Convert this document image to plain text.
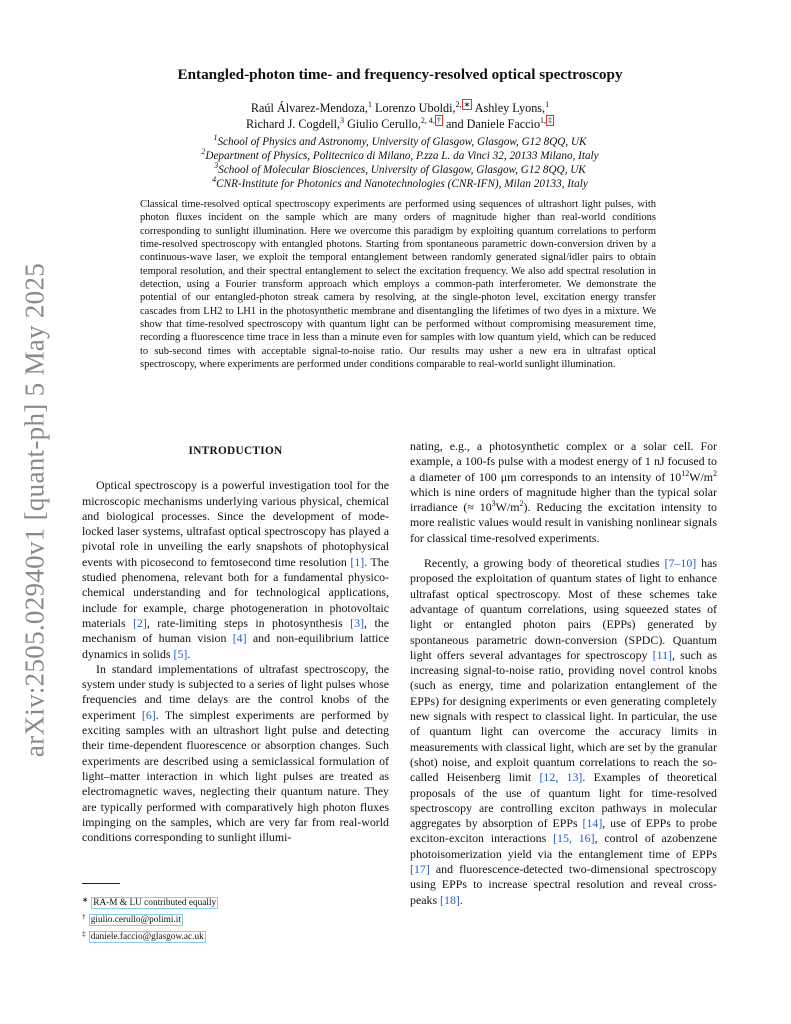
arXiv:2505.02940v1 [quant-ph] 5 May 2025
Entangled-photon time- and frequency-resolved optical spectroscopy
Raúl Álvarez-Mendoza,$^1$ Lorenzo Uboldi,$^{2, ∗}$ Ashley Lyons,$^1$
Richard J. Cogdell,$^3$ Giulio Cerullo,$^{2, 4, \dagger}$ and Daniele Faccio$^{1, \ddagger}$
$^1$School of Physics and Astronomy, University of Glasgow, Glasgow, G12 8QQ, UK
$^2$Department of Physics, Politecnico di Milano, P.zza L. da Vinci 32, 20133 Milano, Italy
$^3$School of Molecular Biosciences, University of Glasgow, Glasgow, G12 8QQ, UK
$^4$CNR-Institute for Photonics and Nanotechnologies (CNR-IFN), Milan 20133, Italy
Classical time-resolved optical spectroscopy experiments are performed using sequences of ultrashort light pulses, with photon fluxes incident on the sample which are many orders of magnitude higher than real-world conditions corresponding to sunlight illumination. Here we overcome this paradigm by exploiting quantum correlations to perform time-resolved spectroscopy with entangled photons. Starting from spontaneous parametric down-conversion driven by a continuous-wave laser, we exploit the temporal entanglement between randomly generated signal/idler pairs to obtain temporal resolution, and their spectral entanglement to select the excitation frequency. We also add spectral resolution in detection, using a Fourier transform approach which employs a common-path interferometer. We demonstrate the potential of our entangled-photon streak camera by resolving, at the single-photon level, excitation energy transfer cascades from LH2 to LH1 in the photosynthetic membrane and disentangling the lifetimes of two dyes in a mixture. We show that time-resolved spectroscopy with quantum light can be performed without compromising measurement time, recording a fluorescence time trace in less than a minute even for samples with low quantum yield, which can be reduced to sub-second times with acceptable signal-to-noise ratio. Our results may usher a new era in ultrafast optical spectroscopy, where experiments are performed under conditions comparable to real-world sunlight illumination.
INTRODUCTION

Optical spectroscopy is a powerful investigation tool for the microscopic mechanisms underlying various physical, chemical and biological processes. Since the development of mode-locked laser systems, ultrafast optical spectroscopy has played a pivotal role in unveiling the early snapshots of photophysical events with picosecond to femtosecond time resolution [1]. The studied phenomena, relevant both for a fundamental physico-chemical understanding and for technological applications, include for example, charge photogeneration in photovoltaic materials [2], rate-limiting steps in photosynthesis [3], the mechanism of human vision [4] and non-equilibrium lattice dynamics in solids [5].

In standard implementations of ultrafast spectroscopy, the system under study is subjected to a series of light pulses whose frequencies and time delays are the control knobs of the experiment [6]. The simplest experiments are performed by exciting samples with an ultrashort light pulse and detecting their time-dependent fluorescence or absorption changes. Such experiments are described using a semiclassical formulation of light–matter interaction in which light pulses are treated as electromagnetic waves, neglecting their quantum nature. They are typically performed with comparatively high photon fluxes impinging on the samples, which are very far from real-world conditions corresponding to sunlight illumi-

nating, e.g., a photosynthetic complex or a solar cell. For example, a 100-fs pulse with a modest energy of 1 nJ focused to a diameter of 100 μm corresponds to an intensity of $10^{12}W/m^2$ which is nine orders of magnitude higher than the typical solar irradiance (≈ $10^3W/m^2$). Reducing the excitation intensity to more realistic values would result in vanishing nonlinear signals for classical time-resolved experiments.

Recently, a growing body of theoretical studies [7–10] has proposed the exploitation of quantum states of light to enhance ultrafast optical spectroscopy. Most of these schemes take advantage of quantum correlations, using squeezed states of light or entangled photon pairs (EPPs) generated by spontaneous parametric down-conversion (SPDC). Quantum light offers several advantages for spectroscopy [11], such as increasing signal-to-noise ratio, providing novel control knobs (such as energy, time and polarization entanglement of the EPPs) for designing experiments or even generating completely new signals with respect to classical light. In particular, the use of quantum light can overcome the accuracy limits in measurements with classical light, which are set by the granular (shot) noise, and exploit quantum correlations to reach the so-called Heisenberg limit [12, 13]. Examples of theoretical proposals of the use of quantum light for time-resolved spectroscopy are controlling exciton pathways in molecular aggregates by absorption of EPPs [14], use of EPPs to probe exciton-exciton interactions [15, 16], control of azobenzene photoisomerization yield via the entanglement time of EPPs [17] and fluorescence-detected two-dimensional spectroscopy using EPPs to increase spectral resolution and reveal cross-peaks [18].

∗ RA-M & LU contributed equally
† giulio.cerullo@polimi.it
‡ daniele.faccio@glasgow.ac.uk
